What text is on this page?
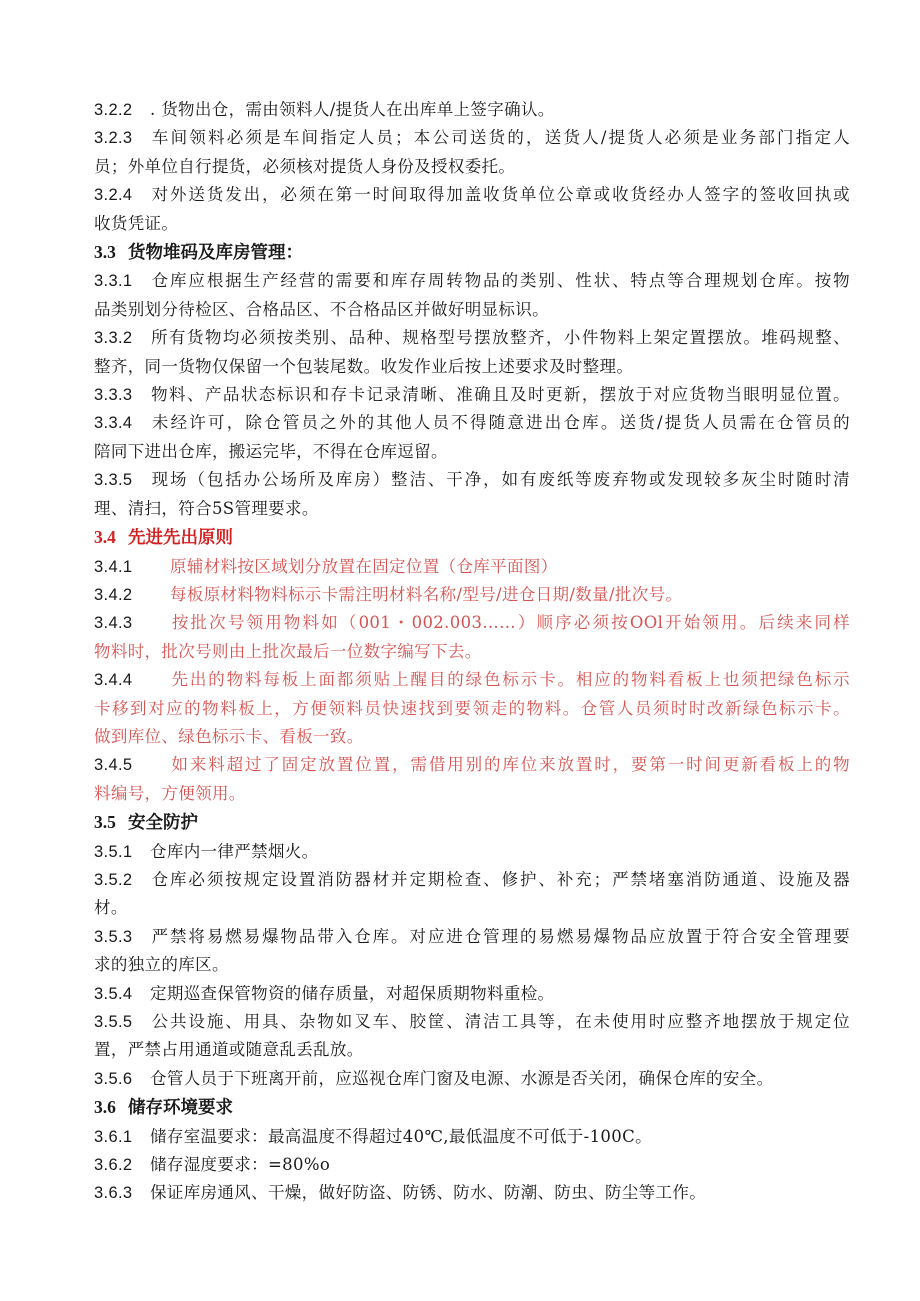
3.2.2 . 货物出仓，需由领料人/提货人在出库单上签字确认。
3.2.3 车间领料必须是车间指定人员；本公司送货的，送货人/提货人必须是业务部门指定人
员；外单位自行提货，必须核对提货人身份及授权委托。
3.2.4 对外送货发出，必须在第一时间取得加盖收货单位公章或收货经办人签字的签收回执或
收货凭证。
3.3 货物堆码及库房管理：
3.3.1 仓库应根据生产经营的需要和库存周转物品的类别、性状、特点等合理规划仓库。按物
品类别划分待检区、合格品区、不合格品区并做好明显标识。
3.3.2 所有货物均必须按类别、品种、规格型号摆放整齐，小件物料上架定置摆放。堆码规整、
整齐，同一货物仅保留一个包装尾数。收发作业后按上述要求及时整理。
3.3.3 物料、产品状态标识和存卡记录清晰、准确且及时更新，摆放于对应货物当眼明显位置。
3.3.4 未经许可，除仓管员之外的其他人员不得随意进出仓库。送货/提货人员需在仓管员的
陪同下进出仓库，搬运完毕，不得在仓库逗留。
3.3.5 现场（包括办公场所及库房）整洁、干净，如有废纸等废弃物或发现较多灰尘时随时清
理、清扫，符合5S管理要求。
3.4 先进先出原则
3.4.1 原辅材料按区域划分放置在固定位置（仓库平面图）
3.4.2 每板原材料物料标示卡需注明材料名称/型号/进仓日期/数量/批次号。
3.4.3 按批次号领用物料如（001・002.003……）顺序必须按OOl开始领用。后续来同样
物料时，批次号则由上批次最后一位数字编写下去。
3.4.4 先出的物料每板上面都须贴上醒目的绿色标示卡。相应的物料看板上也须把绿色标示
卡移到对应的物料板上，方便领料员快速找到要领走的物料。仓管人员须时时改新绿色标示卡。
做到库位、绿色标示卡、看板一致。
3.4.5 如来料超过了固定放置位置，需借用别的库位来放置时，要第一时间更新看板上的物
料编号，方便领用。
3.5 安全防护
3.5.1 仓库内一律严禁烟火。
3.5.2 仓库必须按规定设置消防器材并定期检查、修护、补充；严禁堵塞消防通道、设施及器
材。
3.5.3 严禁将易燃易爆物品带入仓库。对应进仓管理的易燃易爆物品应放置于符合安全管理要
求的独立的库区。
3.5.4 定期巡查保管物资的储存质量，对超保质期物料重检。
3.5.5 公共设施、用具、杂物如叉车、胶筐、清洁工具等，在未使用时应整齐地摆放于规定位
置，严禁占用通道或随意乱丢乱放。
3.5.6 仓管人员于下班离开前，应巡视仓库门窗及电源、水源是否关闭，确保仓库的安全。
3.6 储存环境要求
3.6.1 储存室温要求：最高温度不得超过40℃,最低温度不可低于-100C。
3.6.2 储存湿度要求：=80%o
3.6.3 保证库房通风、干燥，做好防盗、防锈、防水、防潮、防虫、防尘等工作。
